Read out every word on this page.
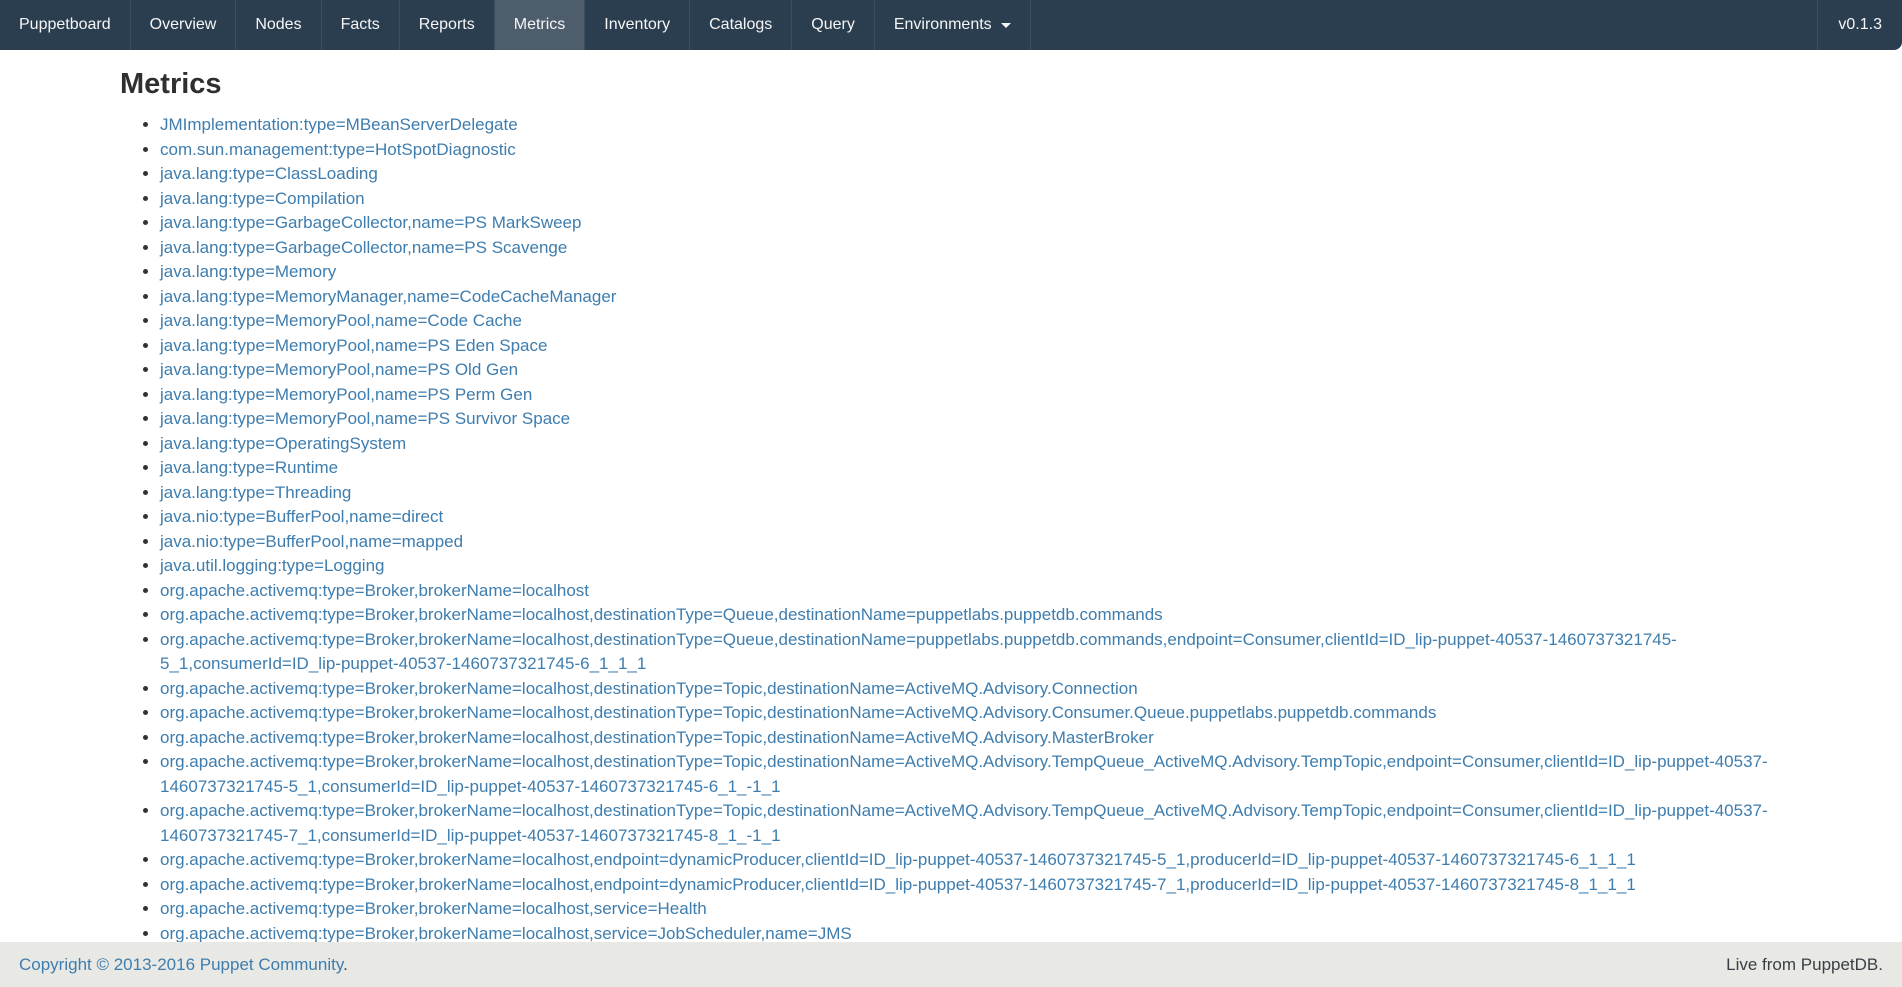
Puppetboard Overview Nodes Facts Reports Metrics Inventory Catalogs Query Environments	v0.1.3
Metrics
• JMImplementation:type=MBeanServerDelegate
• com.sun.management:type=HotSpotDiagnostic
• java.lang:type=ClassLoading
• java.lang:type=Compilation
• java.lang:type=GarbageCollector,name=PS MarkSweep
• java.lang:type=GarbageCollector,name=PS Scavenge
• java.lang:type=Memory
• java.lang:type=MemoryManager,name=CodeCacheManager
• java.lang:type=MemoryPool,name=Code Cache
• java.lang:type=MemoryPool,name=PS Eden Space
• java.lang:type=MemoryPool,name=PS Old Gen
• java.lang:type=MemoryPool,name=PS Perm Gen
• java.lang:type=MemoryPool,name=PS Survivor Space
• java.lang:type=OperatingSystem
• java.lang:type=Runtime
• java.lang:type=Threading
• java.nio:type=BufferPool,name=direct
• java.nio:type=BufferPool,name=mapped
• java.util.logging:type=Logging
• org.apache.activemq:type=Broker,brokerName=localhost
• org.apache.activemq:type=Broker,brokerName=localhost,destinationType=Queue,destinationName=puppetlabs.puppetdb.commands
• org.apache.activemq:type=Broker,brokerName=localhost,destinationType=Queue,destinationName=puppetlabs.puppetdb.commands,endpoint=Consumer,clientId=ID_lip-puppet-40537-1460737321745-5_1,consumerId=ID_lip-puppet-40537-1460737321745-6_1_1_1
• org.apache.activemq:type=Broker,brokerName=localhost,destinationType=Topic,destinationName=ActiveMQ.Advisory.Connection
• org.apache.activemq:type=Broker,brokerName=localhost,destinationType=Topic,destinationName=ActiveMQ.Advisory.Consumer.Queue.puppetlabs.puppetdb.commands
• org.apache.activemq:type=Broker,brokerName=localhost,destinationType=Topic,destinationName=ActiveMQ.Advisory.MasterBroker
• org.apache.activemq:type=Broker,brokerName=localhost,destinationType=Topic,destinationName=ActiveMQ.Advisory.TempQueue_ActiveMQ.Advisory.TempTopic,endpoint=Consumer,clientId=ID_lip-puppet-40537-1460737321745-5_1,consumerId=ID_lip-puppet-40537-1460737321745-6_1_-1_1
• org.apache.activemq:type=Broker,brokerName=localhost,destinationType=Topic,destinationName=ActiveMQ.Advisory.TempQueue_ActiveMQ.Advisory.TempTopic,endpoint=Consumer,clientId=ID_lip-puppet-40537-1460737321745-7_1,consumerId=ID_lip-puppet-40537-1460737321745-8_1_-1_1
• org.apache.activemq:type=Broker,brokerName=localhost,endpoint=dynamicProducer,clientId=ID_lip-puppet-40537-1460737321745-5_1,producerId=ID_lip-puppet-40537-1460737321745-6_1_1_1
• org.apache.activemq:type=Broker,brokerName=localhost,endpoint=dynamicProducer,clientId=ID_lip-puppet-40537-1460737321745-7_1,producerId=ID_lip-puppet-40537-1460737321745-8_1_1_1
• org.apache.activemq:type=Broker,brokerName=localhost,service=Health
• org.apache.activemq:type=Broker,brokerName=localhost,service=JobScheduler,name=JMS
Copyright © 2013-2016 Puppet Community.	Live from PuppetDB.
